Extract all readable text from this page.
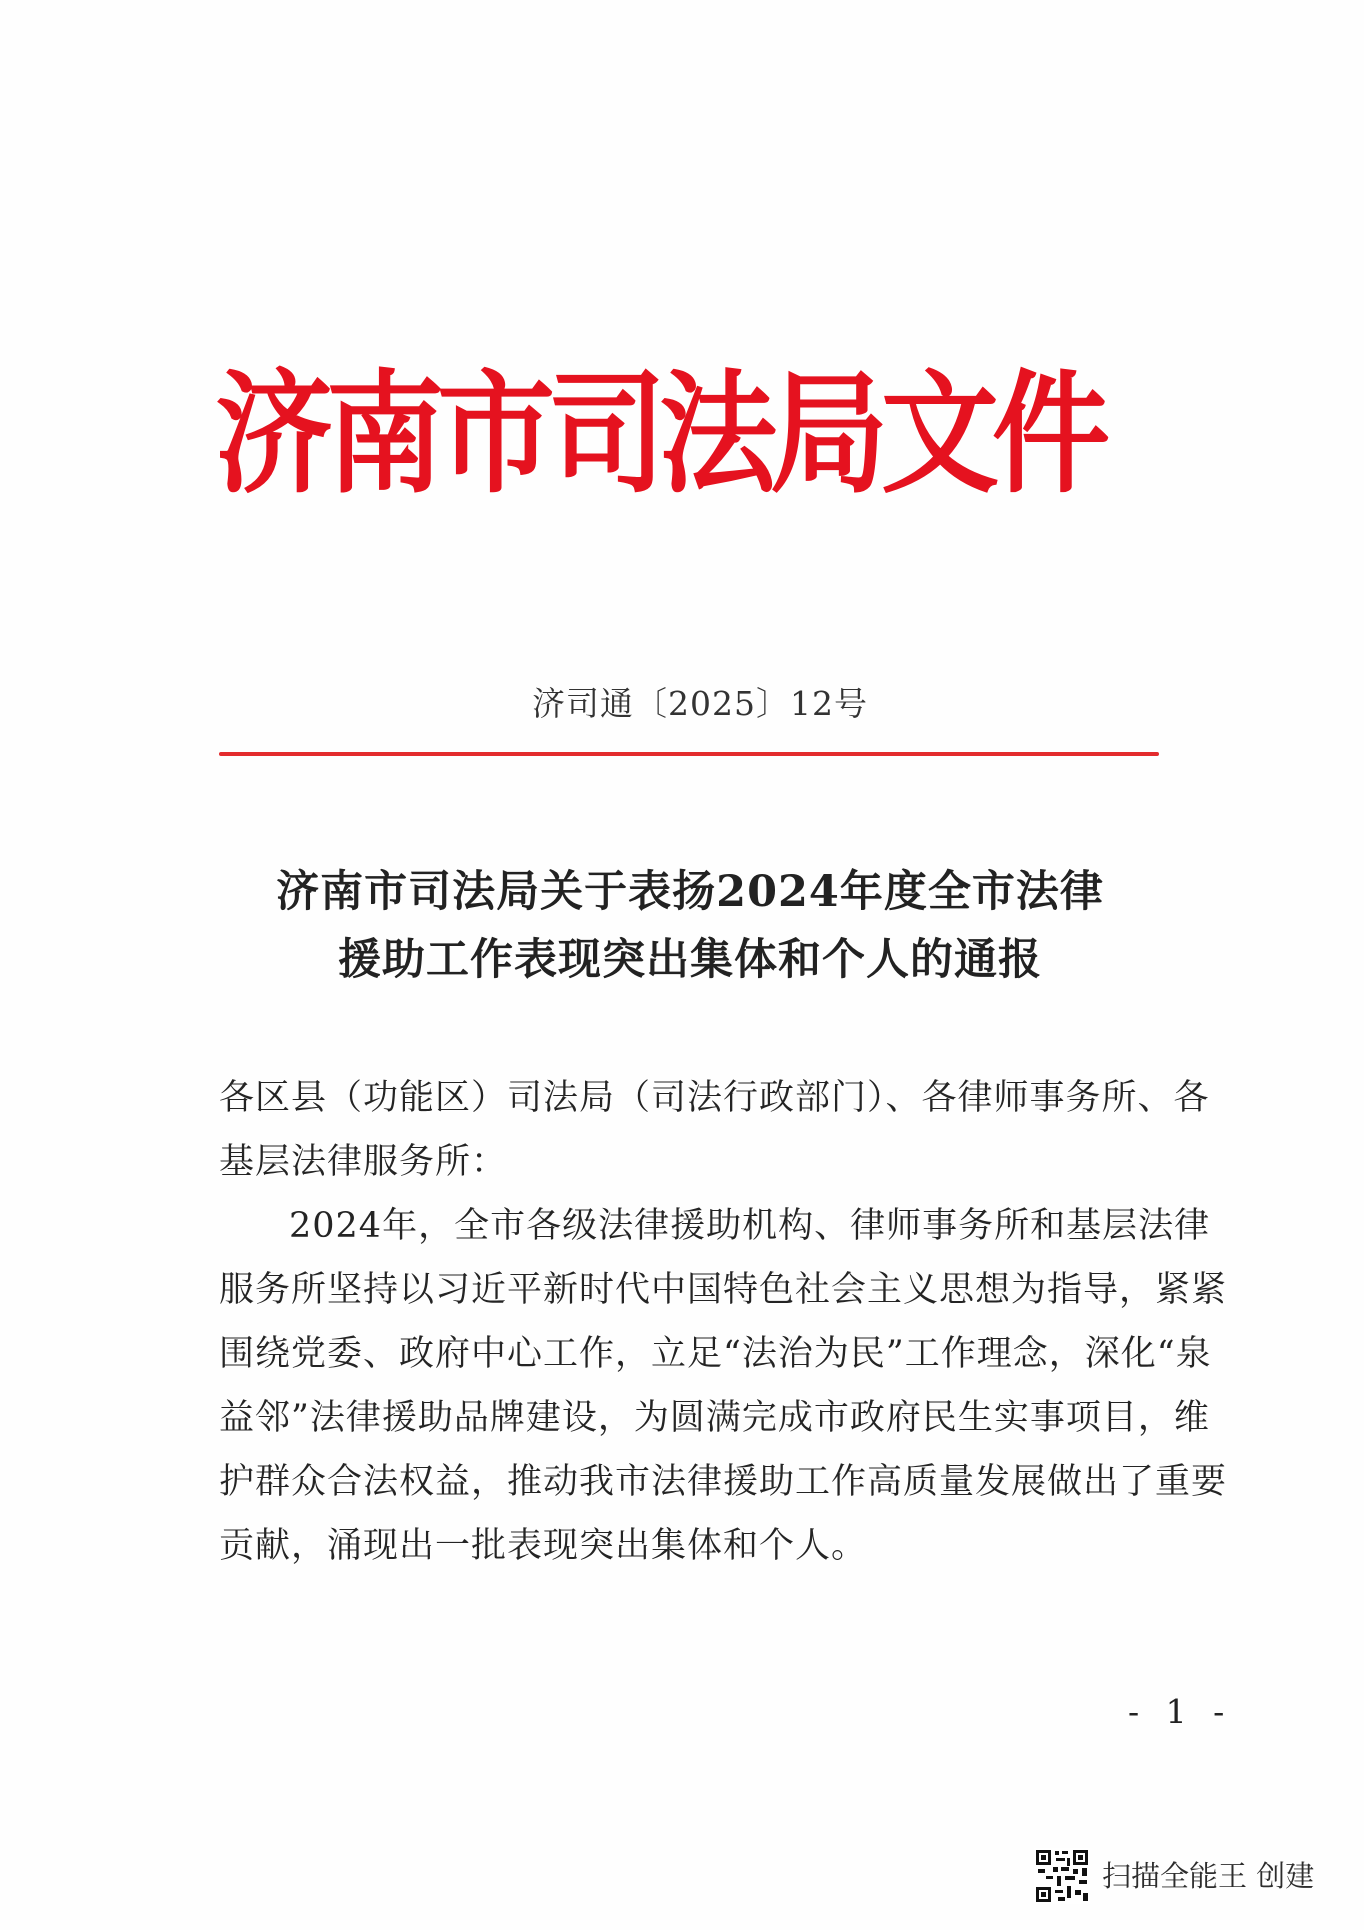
济南市司法局文件
济司通〔2025〕12号
济南市司法局关于表扬2024年度全市法律
援助工作表现突出集体和个人的通报
各区县（功能区）司法局（司法行政部门）、各律师事务所、各
基层法律服务所：
2024年，全市各级法律援助机构、律师事务所和基层法律
服务所坚持以习近平新时代中国特色社会主义思想为指导，紧紧
围绕党委、政府中心工作，立足“法治为民”工作理念，深化“泉
益邻”法律援助品牌建设，为圆满完成市政府民生实事项目，维
护群众合法权益，推动我市法律援助工作高质量发展做出了重要
贡献，涌现出一批表现突出集体和个人。
- 1 -
扫描全能王 创建
